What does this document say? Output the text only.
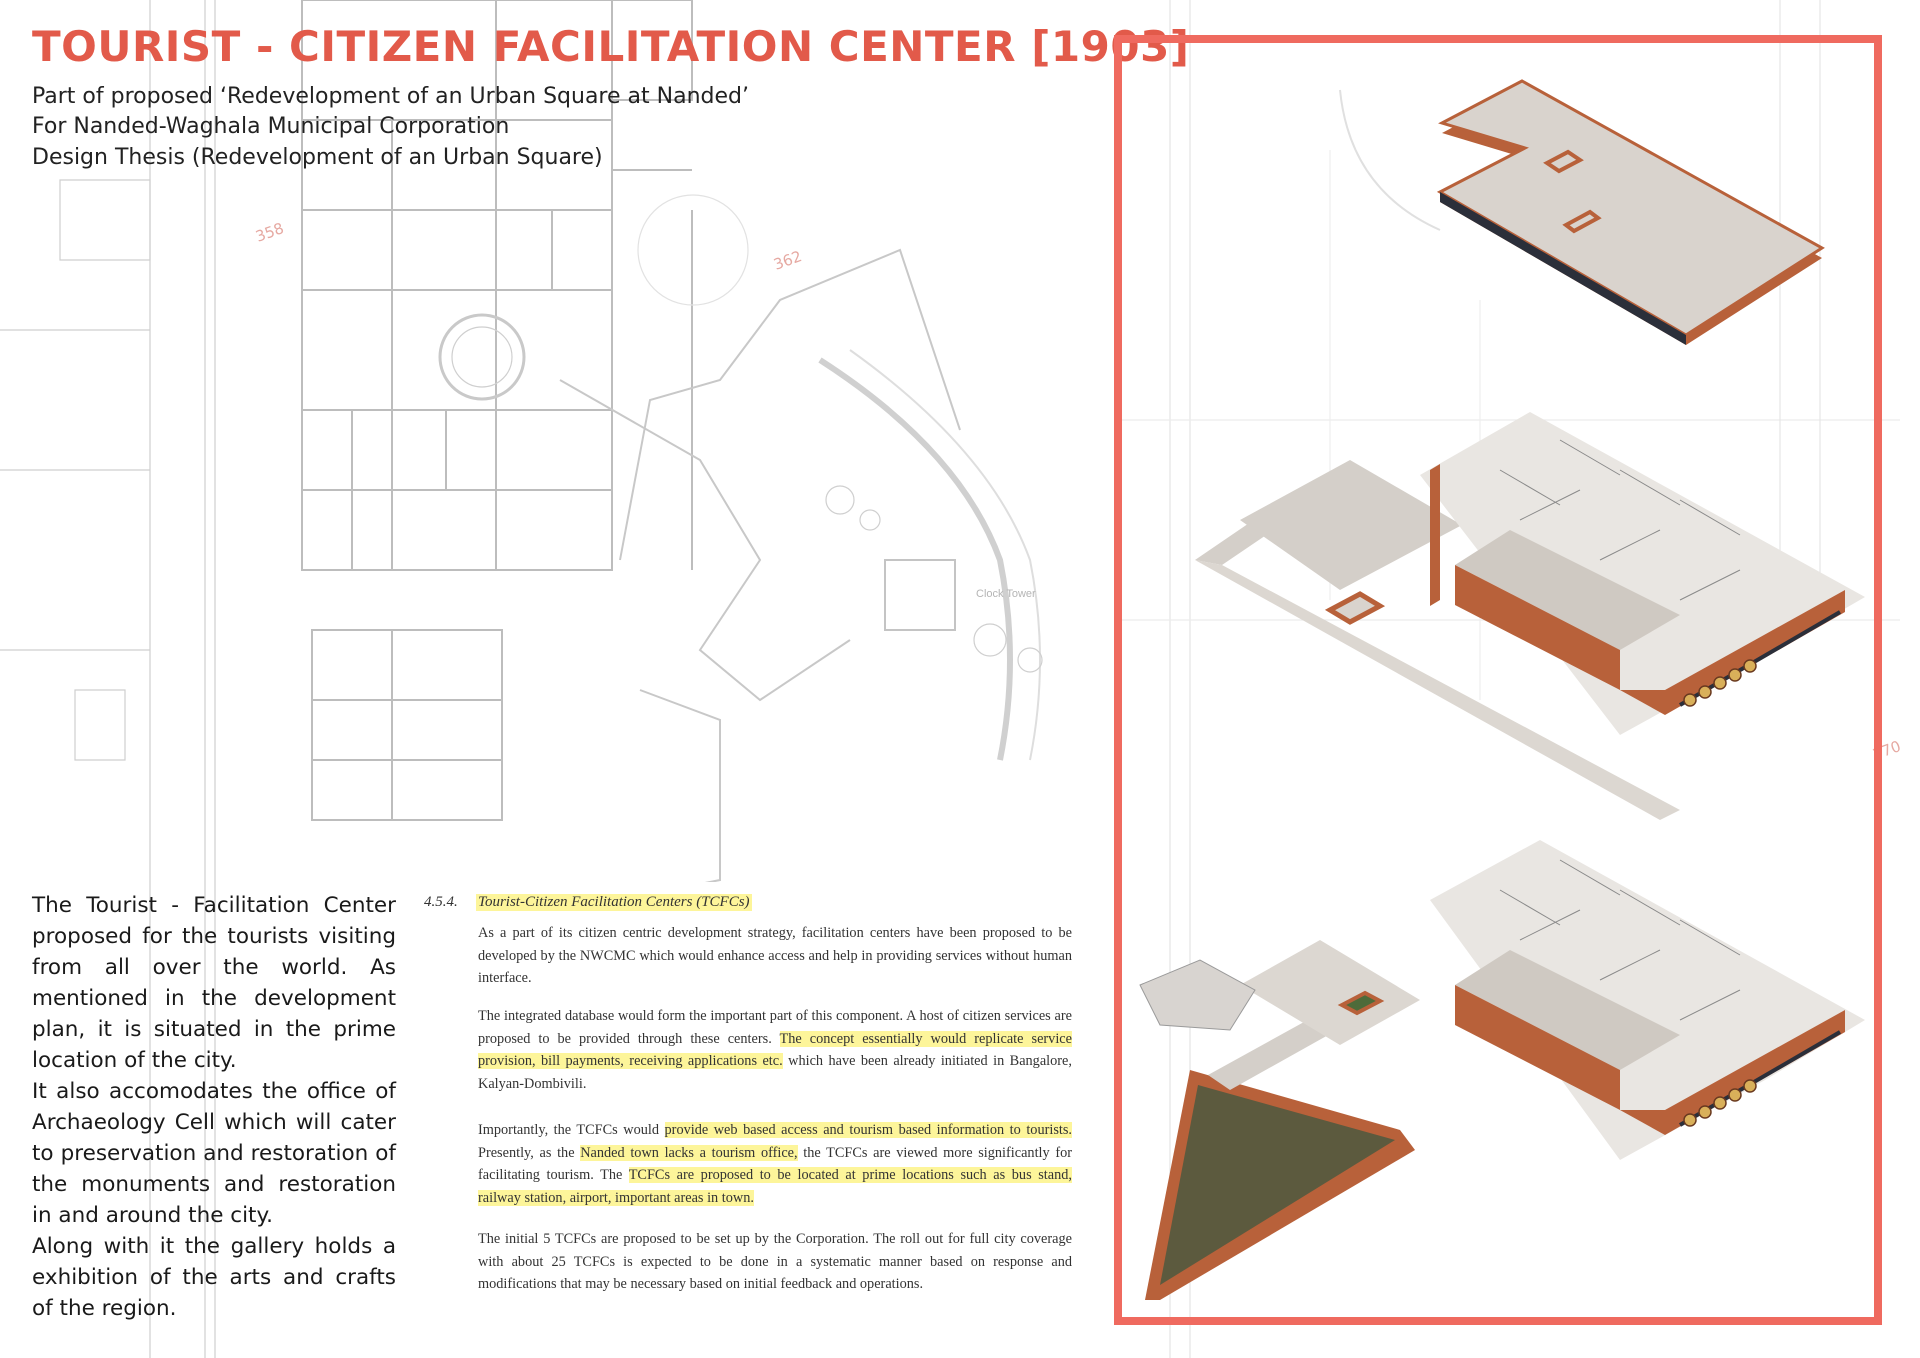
358
362
370
Clock Tower
TOURIST - CITIZEN FACILITATION CENTER [1903]
Part of proposed ‘Redevelopment of an Urban Square at Nanded’
For Nanded-Waghala Municipal Corporation
Design Thesis (Redevelopment of an Urban Square)

The Tourist - Facilitation Center proposed for the tourists visiting from all over the world. As mentioned in the development plan, it is situated in the prime location of the city.

It also accomodates the office of Archaeology Cell which will cater to preservation and restoration of the monuments and restoration in and around the city.

Along with it the gallery holds a exhibition of the arts and crafts of the region.

4.5.4. Tourist-Citizen Facilitation Centers (TCFCs)

As a part of its citizen centric development strategy, facilitation centers have been proposed to be developed by the NWCMC which would enhance access and help in providing services without human interface.

The integrated database would form the important part of this component. A host of citizen services are proposed to be provided through these centers. The concept essentially would replicate service provision, bill payments, receiving applications etc. which have been already initiated in Bangalore, Kalyan-Dombivili.

Importantly, the TCFCs would provide web based access and tourism based information to tourists. Presently, as the Nanded town lacks a tourism office, the TCFCs are viewed more significantly for facilitating tourism. The TCFCs are proposed to be located at prime locations such as bus stand, railway station, airport, important areas in town.

The initial 5 TCFCs are proposed to be set up by the Corporation. The roll out for full city coverage with about 25 TCFCs is expected to be done in a systematic manner based on response and modifications that may be necessary based on initial feedback and operations.
